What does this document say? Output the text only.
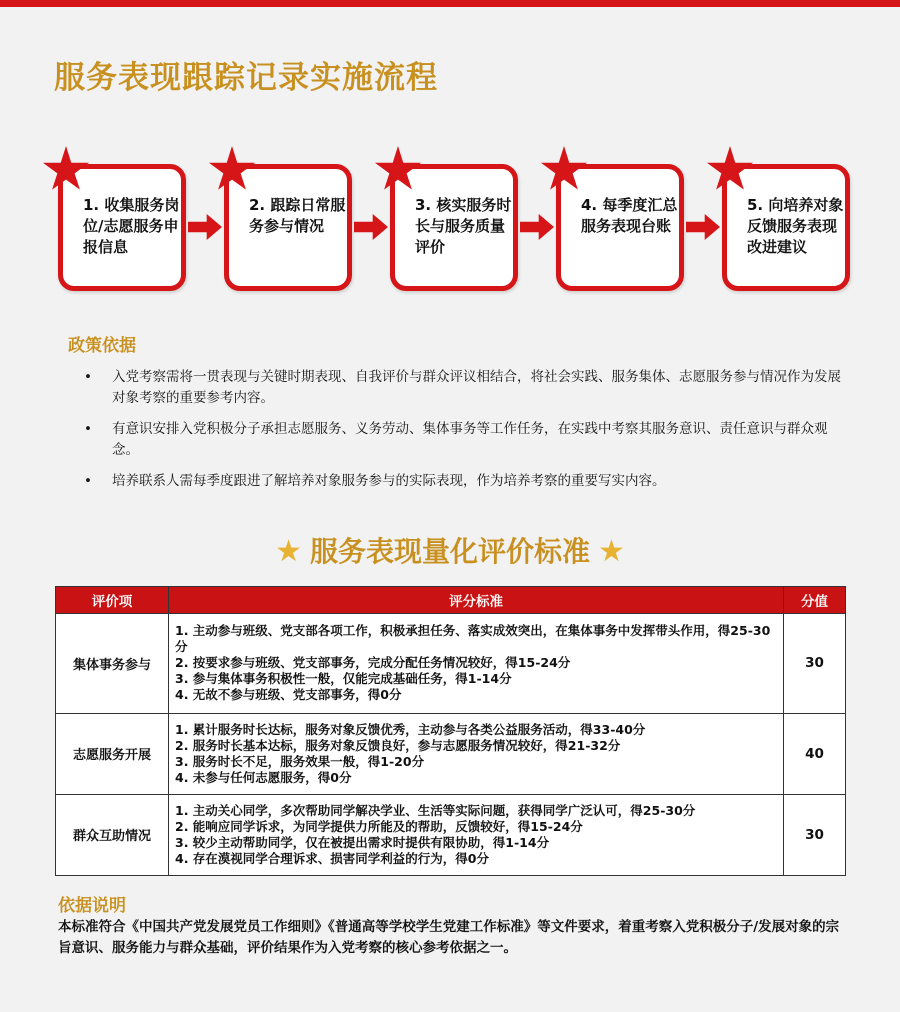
服务表现跟踪记录实施流程
1. 收集服务岗位/志愿服务申报信息
2. 跟踪日常服务参与情况
3. 核实服务时长与服务质量评价
4. 每季度汇总服务表现台账
5. 向培养对象反馈服务表现改进建议
政策依据
• 入党考察需将一贯表现与关键时期表现、自我评价与群众评议相结合，将社会实践、服务集体、志愿服务参与情况作为发展对象考察的重要参考内容。
• 有意识安排入党积极分子承担志愿服务、义务劳动、集体事务等工作任务，在实践中考察其服务意识、责任意识与群众观念。
• 培养联系人需每季度跟进了解培养对象服务参与的实际表现，作为培养考察的重要写实内容。
★ 服务表现量化评价标准 ★
评价项	评分标准	分值
集体事务参与	1. 主动参与班级、党支部各项工作，积极承担任务、落实成效突出，在集体事务中发挥带头作用，得25-30分
2. 按要求参与班级、党支部事务，完成分配任务情况较好，得15-24分
3. 参与集体事务积极性一般，仅能完成基础任务，得1-14分
4. 无故不参与班级、党支部事务，得0分	30
志愿服务开展	1. 累计服务时长达标，服务对象反馈优秀，主动参与各类公益服务活动，得33-40分
2. 服务时长基本达标，服务对象反馈良好，参与志愿服务情况较好，得21-32分
3. 服务时长不足，服务效果一般，得1-20分
4. 未参与任何志愿服务，得0分	40
群众互助情况	1. 主动关心同学，多次帮助同学解决学业、生活等实际问题，获得同学广泛认可，得25-30分
2. 能响应同学诉求，为同学提供力所能及的帮助，反馈较好，得15-24分
3. 较少主动帮助同学，仅在被提出需求时提供有限协助，得1-14分
4. 存在漠视同学合理诉求、损害同学利益的行为，得0分	30
依据说明
本标准符合《中国共产党发展党员工作细则》《普通高等学校学生党建工作标准》等文件要求，着重考察入党积极分子/发展对象的宗旨意识、服务能力与群众基础，评价结果作为入党考察的核心参考依据之一。
